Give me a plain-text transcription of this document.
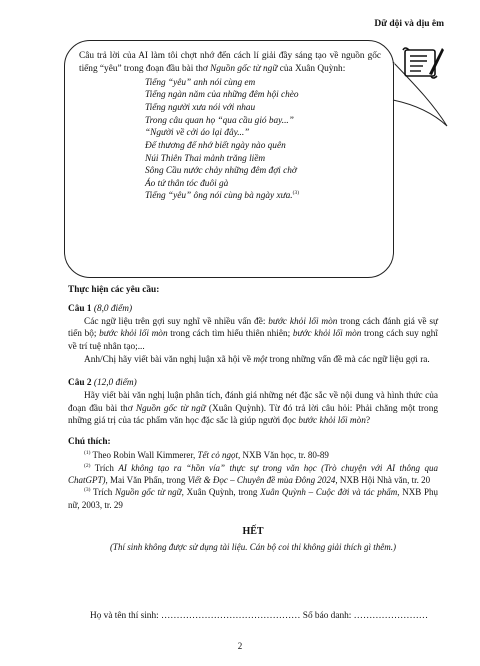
Dữ dội và dịu êm

Câu trả lời của AI làm tôi chợt nhớ đến cách lí giải đầy sáng tạo về nguồn gốc tiếng “yêu” trong đoạn đầu bài thơ Nguồn gốc từ ngữ của Xuân Quỳnh:

Tiếng “yêu” anh nói cùng em
Tiếng ngàn năm của những đêm hội chèo
Tiếng người xưa nói với nhau
Trong câu quan họ “qua cầu gió bay...”
“Người về cởi áo lại đây...”
Để thương để nhớ biết ngày nào quên
Núi Thiên Thai mảnh trăng liềm
Sông Cầu nước chảy những đêm đợi chờ
Áo tứ thân tóc đuôi gà
Tiếng “yêu” ông nói cùng bà ngày xưa.$^{(3)}$
Thực hiện các yêu cầu:
Câu 1 (8,0 điểm)

Các ngữ liệu trên gợi suy nghĩ về nhiều vấn đề: bước khỏi lối mòn trong cách đánh giá về sự tiến bộ; bước khỏi lối mòn trong cách tìm hiểu thiên nhiên; bước khỏi lối mòn trong cách suy nghĩ về trí tuệ nhân tạo;...

Anh/Chị hãy viết bài văn nghị luận xã hội về một trong những vấn đề mà các ngữ liệu gợi ra.

Câu 2 (12,0 điểm)

Hãy viết bài văn nghị luận phân tích, đánh giá những nét đặc sắc về nội dung và hình thức của đoạn đầu bài thơ Nguồn gốc từ ngữ (Xuân Quỳnh). Từ đó trả lời câu hỏi: Phải chăng một trong những giá trị của tác phẩm văn học đặc sắc là giúp người đọc bước khỏi lối mòn?

Chú thích:

$^{(1)}$ Theo Robin Wall Kimmerer, Tết cỏ ngọt, NXB Văn học, tr. 80-89

$^{(2)}$ Trích AI không tạo ra “hồn vía” thực sự trong văn học (Trò chuyện với AI thông qua ChatGPT), Mai Văn Phấn, trong Viết & Đọc – Chuyên đề mùa Đông 2024, NXB Hội Nhà văn, tr. 20

$^{(3)}$ Trích Nguồn gốc từ ngữ, Xuân Quỳnh, trong Xuân Quỳnh – Cuộc đời và tác phẩm, NXB Phụ nữ, 2003, tr. 29

HẾT
(Thí sinh không được sử dụng tài liệu. Cán bộ coi thi không giải thích gì thêm.)
Họ và tên thí sinh: ……………………………………… Số báo danh: ……………………
2
